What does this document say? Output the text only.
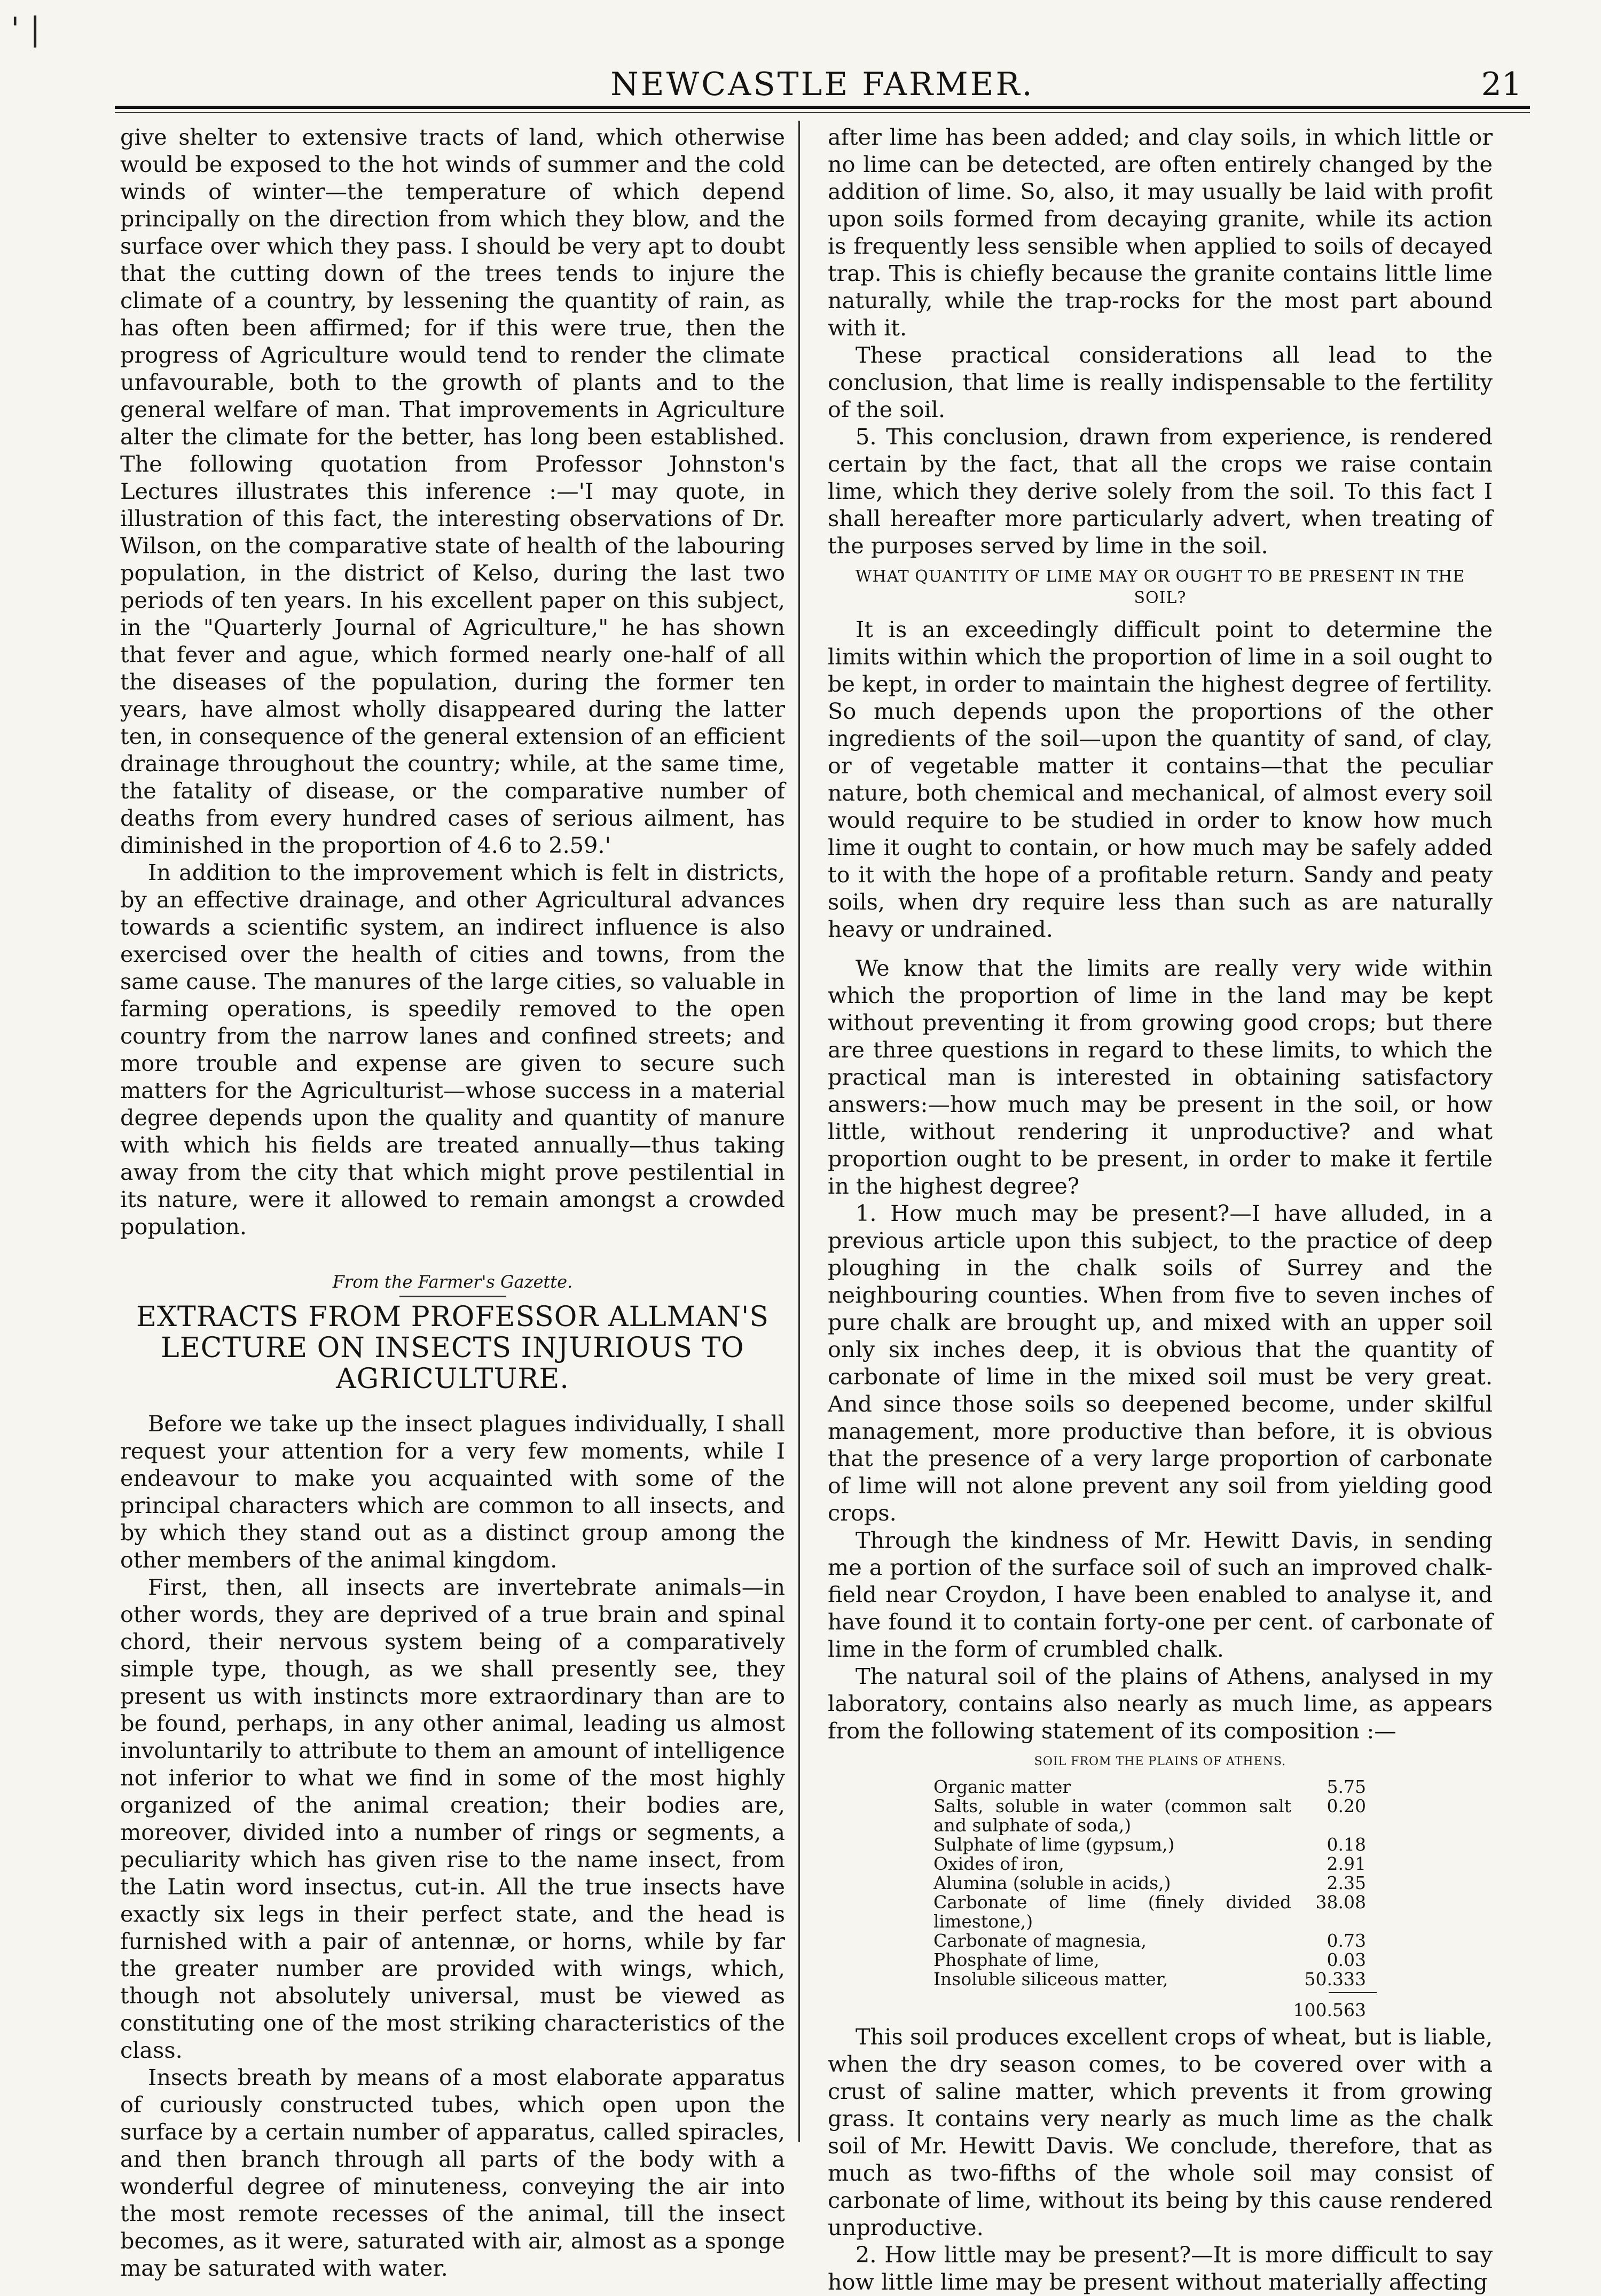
' |
NEWCASTLE FARMER.	21

give shelter to extensive tracts of land, which otherwise would be exposed to the hot winds of summer and the cold winds of winter—the temperature of which depend principally on the direction from which they blow, and the surface over which they pass. I should be very apt to doubt that the cutting down of the trees tends to injure the climate of a country, by lessening the quantity of rain, as has often been affirmed; for if this were true, then the progress of Agriculture would tend to render the climate unfavourable, both to the growth of plants and to the general welfare of man. That improvements in Agriculture alter the climate for the better, has long been established. The following quotation from Professor Johnston's Lectures illustrates this inference :—'I may quote, in illustration of this fact, the interesting observations of Dr. Wilson, on the comparative state of health of the labouring population, in the district of Kelso, during the last two periods of ten years. In his excellent paper on this subject, in the "Quarterly Journal of Agriculture," he has shown that fever and ague, which formed nearly one-half of all the diseases of the population, during the former ten years, have almost wholly disappeared during the latter ten, in consequence of the general extension of an efficient drainage throughout the country; while, at the same time, the fatality of disease, or the comparative number of deaths from every hundred cases of serious ailment, has diminished in the proportion of 4.6 to 2.59.'

In addition to the improvement which is felt in districts, by an effective drainage, and other Agricultural advances towards a scientific system, an indirect influence is also exercised over the health of cities and towns, from the same cause. The manures of the large cities, so valuable in farming operations, is speedily removed to the open country from the narrow lanes and confined streets; and more trouble and expense are given to secure such matters for the Agriculturist—whose success in a material degree depends upon the quality and quantity of manure with which his fields are treated annually—thus taking away from the city that which might prove pestilential in its nature, were it allowed to remain amongst a crowded population.

From the Farmer's Gazette.

EXTRACTS FROM PROFESSOR ALLMAN'S LECTURE ON INSECTS INJURIOUS TO AGRICULTURE.

Before we take up the insect plagues individually, I shall request your attention for a very few moments, while I endeavour to make you acquainted with some of the principal characters which are common to all insects, and by which they stand out as a distinct group among the other members of the animal kingdom.

First, then, all insects are invertebrate animals—in other words, they are deprived of a true brain and spinal chord, their nervous system being of a comparatively simple type, though, as we shall presently see, they present us with instincts more extraordinary than are to be found, perhaps, in any other animal, leading us almost involuntarily to attribute to them an amount of intelligence not inferior to what we find in some of the most highly organized of the animal creation; their bodies are, moreover, divided into a number of rings or segments, a peculiarity which has given rise to the name insect, from the Latin word insectus, cut-in. All the true insects have exactly six legs in their perfect state, and the head is furnished with a pair of antennæ, or horns, while by far the greater number are provided with wings, which, though not absolutely universal, must be viewed as constituting one of the most striking characteristics of the class.

Insects breath by means of a most elaborate apparatus of curiously constructed tubes, which open upon the surface by a certain number of apparatus, called spiracles, and then branch through all parts of the body with a wonderful degree of minuteness, conveying the air into the most remote recesses of the animal, till the insect becomes, as it were, saturated with air, almost as a sponge may be saturated with water.

after lime has been added; and clay soils, in which little or no lime can be detected, are often entirely changed by the addition of lime. So, also, it may usually be laid with profit upon soils formed from decaying granite, while its action is frequently less sensible when applied to soils of decayed trap. This is chiefly because the granite contains little lime naturally, while the trap-rocks for the most part abound with it.

These practical considerations all lead to the conclusion, that lime is really indispensable to the fertility of the soil.

5. This conclusion, drawn from experience, is rendered certain by the fact, that all the crops we raise contain lime, which they derive solely from the soil. To this fact I shall hereafter more particularly advert, when treating of the purposes served by lime in the soil.

WHAT QUANTITY OF LIME MAY OR OUGHT TO BE PRESENT IN THE SOIL?

It is an exceedingly difficult point to determine the limits within which the proportion of lime in a soil ought to be kept, in order to maintain the highest degree of fertility. So much depends upon the proportions of the other ingredients of the soil—upon the quantity of sand, of clay, or of vegetable matter it contains—that the peculiar nature, both chemical and mechanical, of almost every soil would require to be studied in order to know how much lime it ought to contain, or how much may be safely added to it with the hope of a profitable return. Sandy and peaty soils, when dry require less than such as are naturally heavy or undrained.

We know that the limits are really very wide within which the proportion of lime in the land may be kept without preventing it from growing good crops; but there are three questions in regard to these limits, to which the practical man is interested in obtaining satisfactory answers:—how much may be present in the soil, or how little, without rendering it unproductive? and what proportion ought to be present, in order to make it fertile in the highest degree?

1. How much may be present?—I have alluded, in a previous article upon this subject, to the practice of deep ploughing in the chalk soils of Surrey and the neighbouring counties. When from five to seven inches of pure chalk are brought up, and mixed with an upper soil only six inches deep, it is obvious that the quantity of carbonate of lime in the mixed soil must be very great. And since those soils so deepened become, under skilful management, more productive than before, it is obvious that the presence of a very large proportion of carbonate of lime will not alone prevent any soil from yielding good crops.

Through the kindness of Mr. Hewitt Davis, in sending me a portion of the surface soil of such an improved chalk-field near Croydon, I have been enabled to analyse it, and have found it to contain forty-one per cent. of carbonate of lime in the form of crumbled chalk.

The natural soil of the plains of Athens, analysed in my laboratory, contains also nearly as much lime, as appears from the following statement of its composition :—

SOIL FROM THE PLAINS OF ATHENS.
Organic matter	5.75
Salts, soluble in water (common salt and sulphate of soda,)	0.20
Sulphate of lime (gypsum,)	0.18
Oxides of iron,	2.91
Alumina (soluble in acids,)	2.35
Carbonate of lime (finely divided limestone,)	38.08
Carbonate of magnesia,	0.73
Phosphate of lime,	0.03
Insoluble siliceous matter,	50.333
100.563

This soil produces excellent crops of wheat, but is liable, when the dry season comes, to be covered over with a crust of saline matter, which prevents it from growing grass. It contains very nearly as much lime as the chalk soil of Mr. Hewitt Davis. We conclude, therefore, that as much as two-fifths of the whole soil may consist of carbonate of lime, without its being by this cause rendered unproductive.

2. How little may be present?—It is more difficult to say how little lime may be present without materially affecting
